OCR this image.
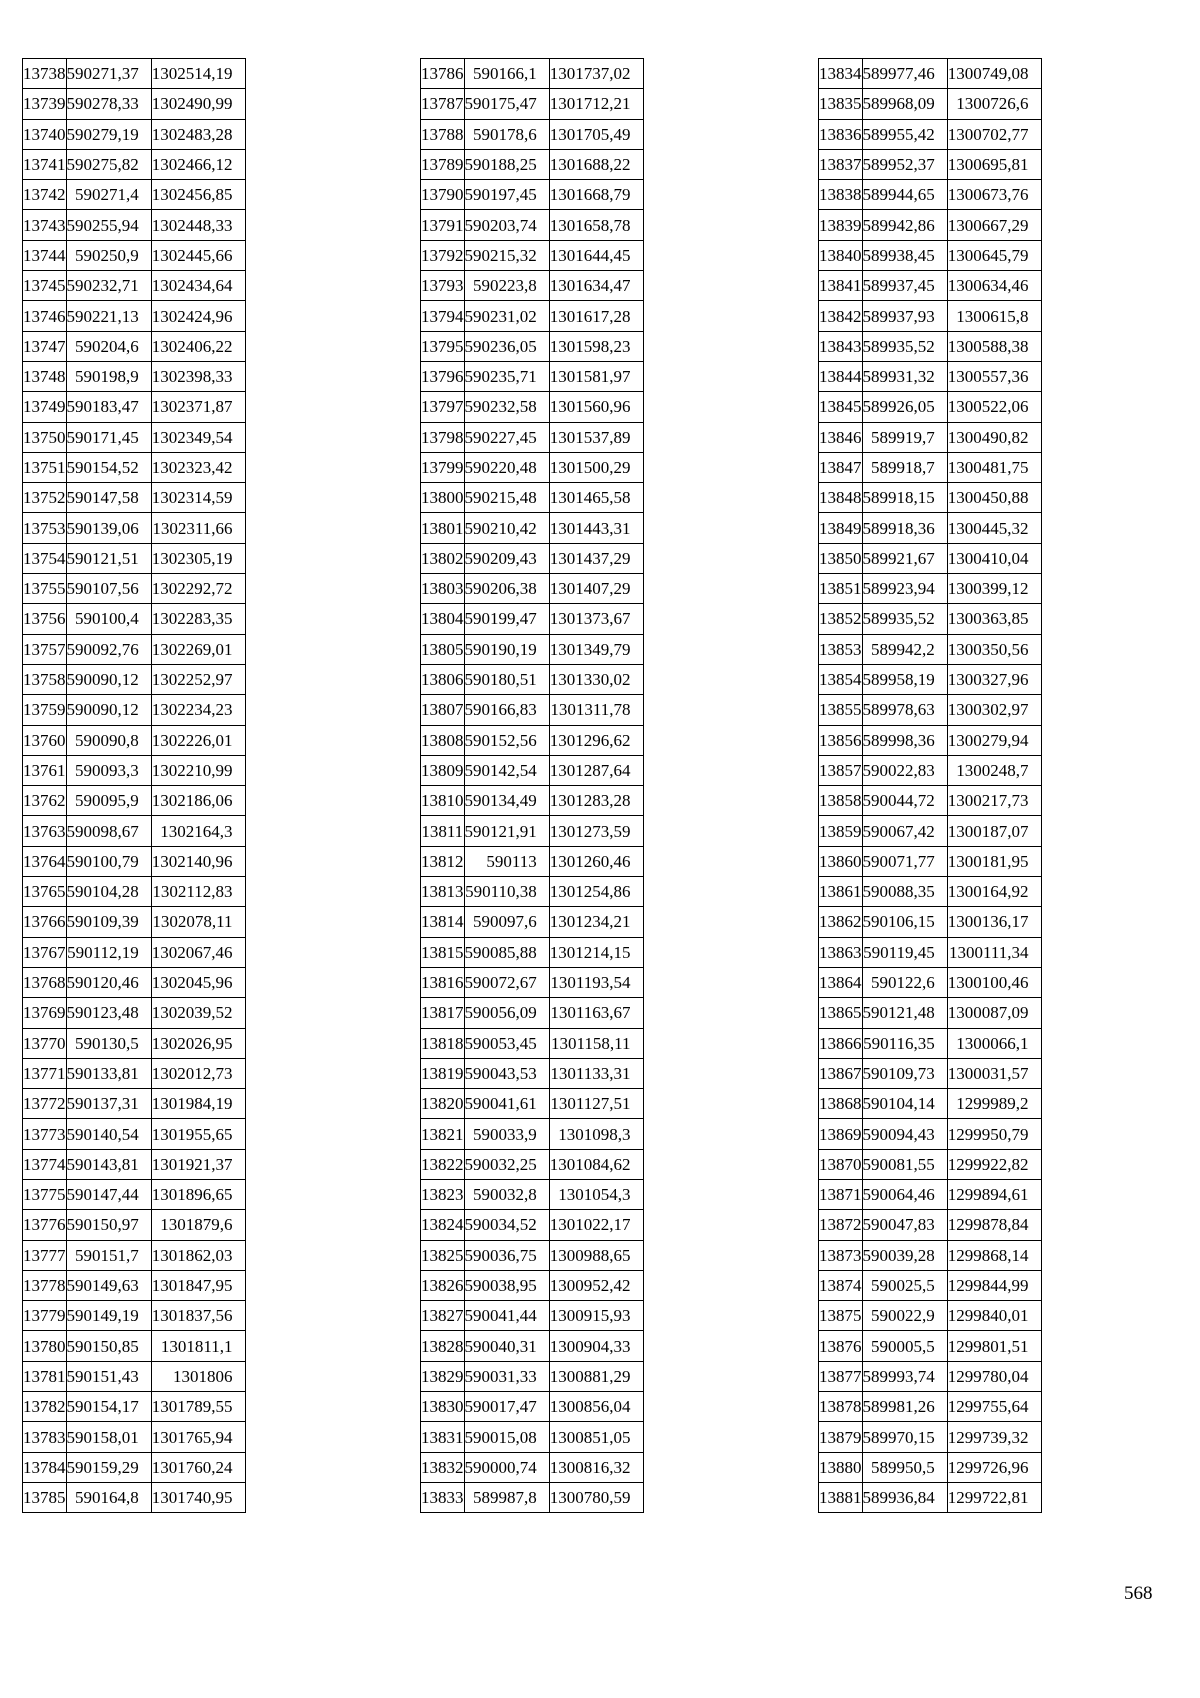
13738	590271,37	1302514,19
13739	590278,33	1302490,99
13740	590279,19	1302483,28
13741	590275,82	1302466,12
13742	590271,4	1302456,85
13743	590255,94	1302448,33
13744	590250,9	1302445,66
13745	590232,71	1302434,64
13746	590221,13	1302424,96
13747	590204,6	1302406,22
13748	590198,9	1302398,33
13749	590183,47	1302371,87
13750	590171,45	1302349,54
13751	590154,52	1302323,42
13752	590147,58	1302314,59
13753	590139,06	1302311,66
13754	590121,51	1302305,19
13755	590107,56	1302292,72
13756	590100,4	1302283,35
13757	590092,76	1302269,01
13758	590090,12	1302252,97
13759	590090,12	1302234,23
13760	590090,8	1302226,01
13761	590093,3	1302210,99
13762	590095,9	1302186,06
13763	590098,67	1302164,3
13764	590100,79	1302140,96
13765	590104,28	1302112,83
13766	590109,39	1302078,11
13767	590112,19	1302067,46
13768	590120,46	1302045,96
13769	590123,48	1302039,52
13770	590130,5	1302026,95
13771	590133,81	1302012,73
13772	590137,31	1301984,19
13773	590140,54	1301955,65
13774	590143,81	1301921,37
13775	590147,44	1301896,65
13776	590150,97	1301879,6
13777	590151,7	1301862,03
13778	590149,63	1301847,95
13779	590149,19	1301837,56
13780	590150,85	1301811,1
13781	590151,43	1301806
13782	590154,17	1301789,55
13783	590158,01	1301765,94
13784	590159,29	1301760,24
13785	590164,8	1301740,95
13786	590166,1	1301737,02
13787	590175,47	1301712,21
13788	590178,6	1301705,49
13789	590188,25	1301688,22
13790	590197,45	1301668,79
13791	590203,74	1301658,78
13792	590215,32	1301644,45
13793	590223,8	1301634,47
13794	590231,02	1301617,28
13795	590236,05	1301598,23
13796	590235,71	1301581,97
13797	590232,58	1301560,96
13798	590227,45	1301537,89
13799	590220,48	1301500,29
13800	590215,48	1301465,58
13801	590210,42	1301443,31
13802	590209,43	1301437,29
13803	590206,38	1301407,29
13804	590199,47	1301373,67
13805	590190,19	1301349,79
13806	590180,51	1301330,02
13807	590166,83	1301311,78
13808	590152,56	1301296,62
13809	590142,54	1301287,64
13810	590134,49	1301283,28
13811	590121,91	1301273,59
13812	590113	1301260,46
13813	590110,38	1301254,86
13814	590097,6	1301234,21
13815	590085,88	1301214,15
13816	590072,67	1301193,54
13817	590056,09	1301163,67
13818	590053,45	1301158,11
13819	590043,53	1301133,31
13820	590041,61	1301127,51
13821	590033,9	1301098,3
13822	590032,25	1301084,62
13823	590032,8	1301054,3
13824	590034,52	1301022,17
13825	590036,75	1300988,65
13826	590038,95	1300952,42
13827	590041,44	1300915,93
13828	590040,31	1300904,33
13829	590031,33	1300881,29
13830	590017,47	1300856,04
13831	590015,08	1300851,05
13832	590000,74	1300816,32
13833	589987,8	1300780,59
13834	589977,46	1300749,08
13835	589968,09	1300726,6
13836	589955,42	1300702,77
13837	589952,37	1300695,81
13838	589944,65	1300673,76
13839	589942,86	1300667,29
13840	589938,45	1300645,79
13841	589937,45	1300634,46
13842	589937,93	1300615,8
13843	589935,52	1300588,38
13844	589931,32	1300557,36
13845	589926,05	1300522,06
13846	589919,7	1300490,82
13847	589918,7	1300481,75
13848	589918,15	1300450,88
13849	589918,36	1300445,32
13850	589921,67	1300410,04
13851	589923,94	1300399,12
13852	589935,52	1300363,85
13853	589942,2	1300350,56
13854	589958,19	1300327,96
13855	589978,63	1300302,97
13856	589998,36	1300279,94
13857	590022,83	1300248,7
13858	590044,72	1300217,73
13859	590067,42	1300187,07
13860	590071,77	1300181,95
13861	590088,35	1300164,92
13862	590106,15	1300136,17
13863	590119,45	1300111,34
13864	590122,6	1300100,46
13865	590121,48	1300087,09
13866	590116,35	1300066,1
13867	590109,73	1300031,57
13868	590104,14	1299989,2
13869	590094,43	1299950,79
13870	590081,55	1299922,82
13871	590064,46	1299894,61
13872	590047,83	1299878,84
13873	590039,28	1299868,14
13874	590025,5	1299844,99
13875	590022,9	1299840,01
13876	590005,5	1299801,51
13877	589993,74	1299780,04
13878	589981,26	1299755,64
13879	589970,15	1299739,32
13880	589950,5	1299726,96
13881	589936,84	1299722,81
568
